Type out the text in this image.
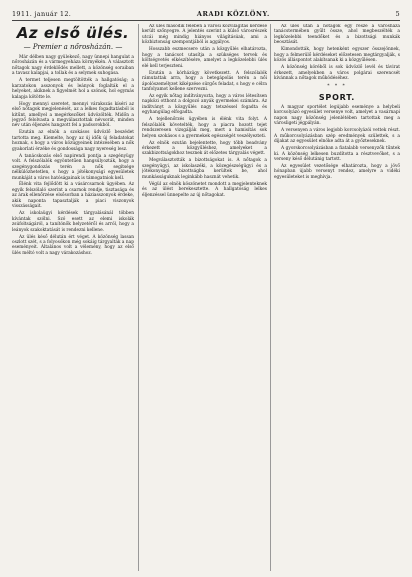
1911. január 12.	ARADI KÖZLÖNY.	5
Az első ülés.
— Premier a nőrosházán. —

Már délben nagy gyülekező, nagy ünnepi hangulat a nőrosházán és a vármegyeháza környékén. A választott nőtagok nagy érdeklődés mellett, a közönség soraiban a tavasz kalapjai, a tollak és a selymek suhogása.

A termet teljesen megtöltötték a hallgatóság; a karzatokon asszonyok és leányok foglalták el a helyeket, akiknek a figyelmét hol a szónok, hol egymás kalapja kötötte le.

Hogy mennyi szeretet, mennyi várakozás kíséri az első nőtagok megjelenését, az a lelkes fogadtatásból is kitűnt, amellyel a megérkezőket üdvözölték. Midőn a jegyző felolvasta a megválasztottak névsorát, minden név után éljenzés hangzott fel a padsorokból.

Ezután az elnök a szokásos üdvözlő beszédet tartotta meg. Kiemelte, hogy az új idők új feladatokat hoznak, s hogy a város közügyeinek intézésében a nők gyakorlati érzéke és gondossága nagy nyereség lesz.

A tanácskozás első napirendi pontja a szegényügy volt. A felszólalók egyöntetűen hangsúlyozták, hogy a szegénygondozás terén a nők segítsége nélkülözhetetlen, s hogy a jótékonysági egyesületek munkáját a város hatóságainak is támogatniok kell.

Élénk vita fejlődött ki a vásárcsarnok ügyében. Az egyik felszólaló szerint a csarnok rendje, tisztasága és az árak ellenőrzése elsősorban a háziasszonyok érdeke, akik naponta tapasztalják a piaci viszonyok visszásságait.

Az iskolaügyi kérdések tárgyalásánál többen kívántak szólni. Szó esett az elemi iskolák zsúfoltságáról, a tanítónők helyzetéről és arról, hogy a leányok szakoktatását is rendezni kellene.

Az ülés késő délután ért véget. A közönség lassan oszlott szét, s a folyosókon még sokáig tárgyalták a nap eseményeit. Általános volt a vélemény, hogy az első ülés méltó volt a nagy várakozáshoz.

Az ülés második felében a városi közvilágítás kérdése került szőnyegre. A jelentés szerint a külső városrészek utcái még mindig hiányos világításúak, ami a közbiztonság szempontjából is aggályos.

Hosszabb eszmecsere után a közgyűlés elhatározta, hogy a tanácsot utasítja a szükséges tervek és költségvetés elkészítésére, amelyet a legközelebbi ülés elé kell terjeszteni.

Ezután a kórházügy következett. A felszólalók rámutattak arra, hogy a betegápolás terén a női ápolószemélyzet kiképzése sürgős feladat, s hogy e célra tanfolyamot kellene szervezni.

Az egyik nőtag indítványozta, hogy a város létesítsen napközi otthont a dolgozó anyák gyermekei számára. Az indítványt a közgyűlés nagy tetszéssel fogadta és egyhangúlag elfogadta.

A tejellenőrzés ügyében is élénk vita folyt. A felszólalók követelték, hogy a piacra hozott tejet rendszeresen vizsgálják meg, mert a hamisítás sok helyen szokásos s a gyermekek egészségét veszélyezteti.

Az elnök ezután bejelentette, hogy több beadvány érkezett a közgyűléshez, amelyeket a szakbizottságokhoz tesznek át előzetes tárgyalás végett.

Megválasztották a bizottságokat is. A nőtagok a szegényügyi, az iskolaszéki, a közegészségügyi és a jótékonysági bizottságba kerültek be, ahol munkásságuknak leginkább hasznát vehetik.

Végül az elnök köszönetet mondott a megjelenteknek és az ülést berekesztette. A hallgatóság lelkes éljenzéssel ünnepelte az új nőtagokat.

Az ülés után a nőtagok egy része a városháza tanácstermében gyűlt össze, ahol megbeszélték a legközelebbi teendőket és a bizottsági munkák beosztását.

Kimondották, hogy hetenként egyszer összejönnek, hogy a felmerülő kérdéseket előzetesen megtárgyalják, s közös álláspontot alakítsanak ki a közgyűlésen.

A közönség köréből is sok üdvözlő levél és távirat érkezett, amelyekben a város polgárai szerencsét kívánnak a nőtagok működéséhez.

* * *
SPORT.

A magyar sportélet legújabb eseménye a helybeli korcsolyázó egyesület versenye volt, amelyet a vasárnapi napon nagy közönség jelenlétében tartottak meg a városligeti jégpályán.

A versenyen a város legjobb korcsolyázói vettek részt. A műkorcsolyázásban szép eredmények születtek, s a díjakat az egyesület elnöke adta át a győzteseknek.

A gyorskorcsolyázásban a fiatalabb versenyzők tűntek ki. A közönség lelkesen buzdította a résztvevőket, s a verseny késő délutánig tartott.

Az egyesület vezetősége elhatározta, hogy a jövő hónapban újabb versenyt rendez, amelyre a vidéki egyesületeket is meghívja.
